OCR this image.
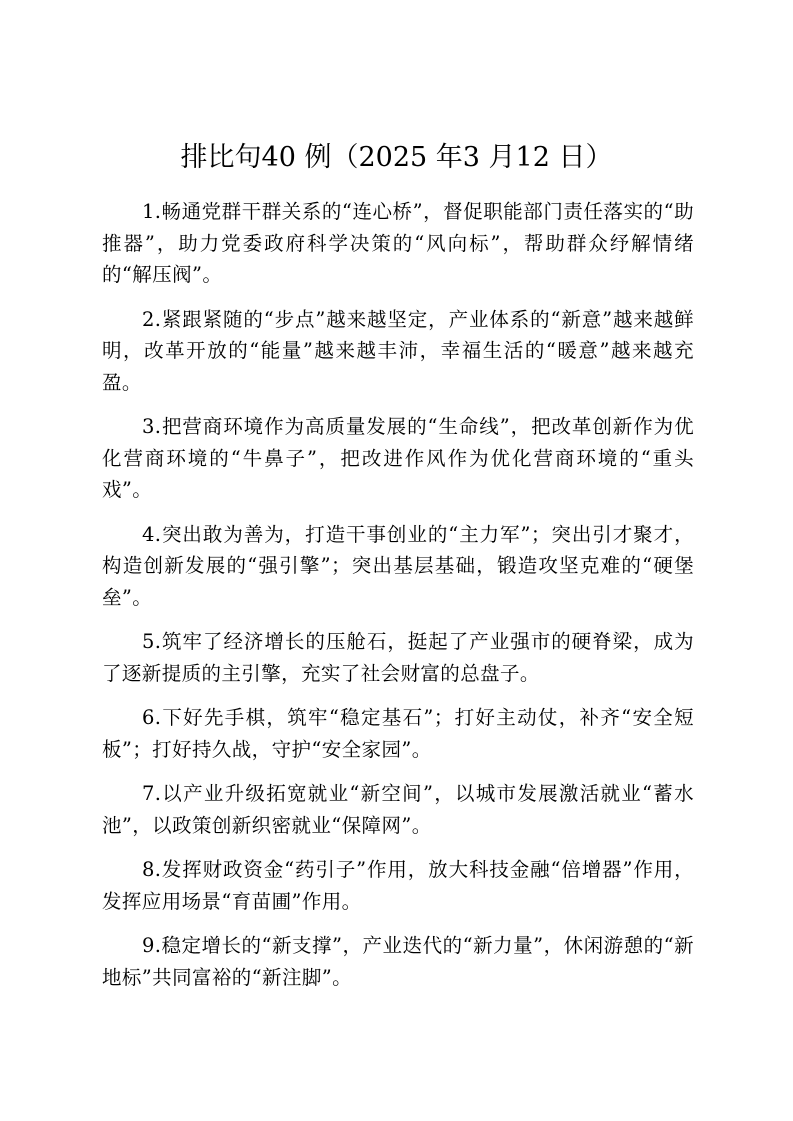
排比句40 例（2025 年3 月12 日）

1.畅通党群干群关系的“连心桥”，督促职能部门责任落实的“助推器”，助力党委政府科学决策的“风向标”，帮助群众纾解情绪的“解压阀”。

2.紧跟紧随的“步点”越来越坚定，产业体系的“新意”越来越鲜明，改革开放的“能量”越来越丰沛，幸福生活的“暖意”越来越充盈。

3.把营商环境作为高质量发展的“生命线”，把改革创新作为优化营商环境的“牛鼻子”，把改进作风作为优化营商环境的“重头戏”。

4.突出敢为善为，打造干事创业的“主力军”；突出引才聚才，构造创新发展的“强引擎”；突出基层基础，锻造攻坚克难的“硬堡垒”。

5.筑牢了经济增长的压舱石，挺起了产业强市的硬脊梁，成为了逐新提质的主引擎，充实了社会财富的总盘子。

6.下好先手棋，筑牢“稳定基石”；打好主动仗，补齐“安全短板”；打好持久战，守护“安全家园”。

7.以产业升级拓宽就业“新空间”，以城市发展激活就业“蓄水池”，以政策创新织密就业“保障网”。

8.发挥财政资金“药引子”作用，放大科技金融“倍增器”作用，发挥应用场景“育苗圃”作用。

9.稳定增长的“新支撑”，产业迭代的“新力量”，休闲游憩的“新地标”共同富裕的“新注脚”。
